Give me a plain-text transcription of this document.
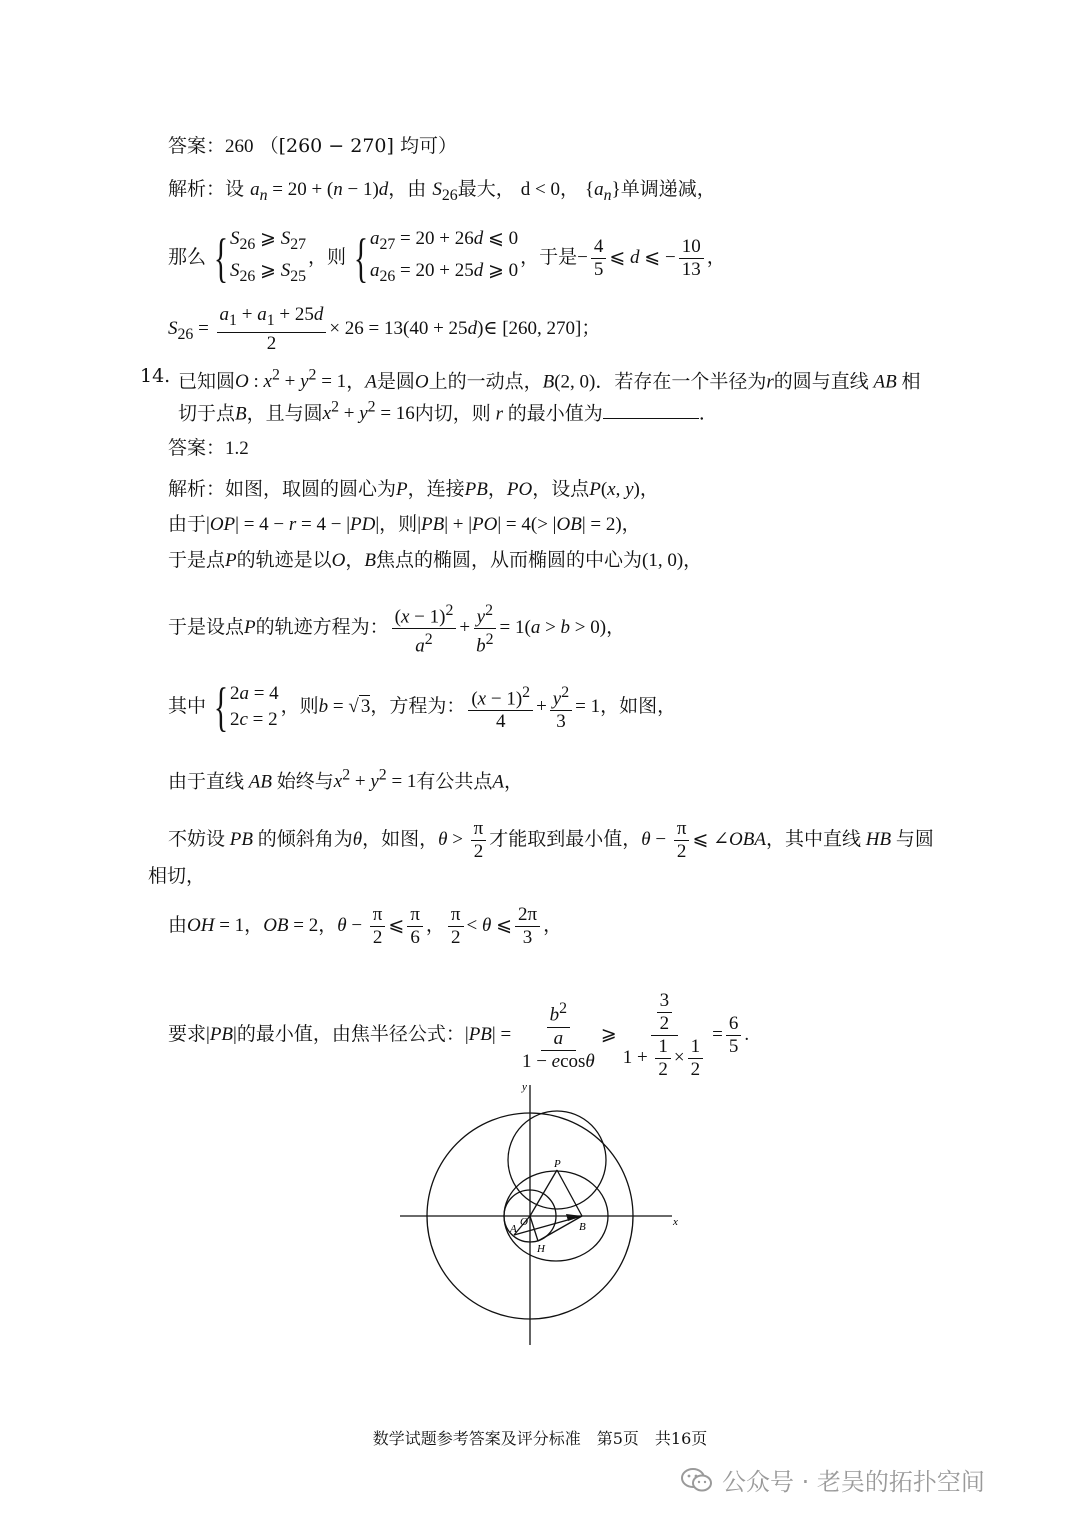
答案：260 （[260 − 270] 均可）
解析：设 $a_n = 20 + (n - 1)d$，由 $S_{26}$最大， d < 0， $\{a_n\}$单调递减，
那么 { $S_{26}$ ⩾ $S_{27}$
$S_{26}$ ⩾ $S_{25}$
，则 { $a_{27} = 20 + 26d$ ⩽ 0
$a_{26} = 20 + 25d$ ⩾ 0
，于是− $\frac{4}{5}$ ⩽ d ⩽ − $\frac{10}{13}$ ，
$S_{26} = \frac{a_1 + a_1 + 25d}{2} \times 26 = 13(40$ + 25d)∈ [260, 270]；
14. 已知圆O : $x^2 + y^2 = 1$，A是圆O上的一动点，B(2, 0)．若存在一个半径为r的圆与直线 AB 相
切于点B，且与圆$x^2 + y^2 = 16$内切，则 r 的最小值为	.
答案：1.2
解析：如图，取圆的圆心为P，连接PB，PO，设点P(x, y)，
由于|OP| = 4 − r = 4 − |PD|，则|PB| + |PO| = 4(> |OB| = 2)，
于是点P的轨迹是以O，B焦点的椭圆，从而椭圆的中心为(1, 0)，
于是设点P的轨迹方程为： $\frac{(x - 1)^2}{a^2} + \frac{y^2}{b^2} = 1(a > b > 0)$，
其中 { 2a = 4
2c = 2
，则b = √ 3，方程为： $\frac{(x - 1)^2}{4} + \frac{y^2}{3} = 1$，如图，
由于直线 AB 始终与$x^2 + y^2 = 1$有公共点A，
不妨设 PB 的倾斜角为θ，如图，$\theta > \frac{\pi}{2}$ 才能取到最小值，$\theta - \frac{\pi}{2}$ ⩽ ∠OBA，其中直线 HB 与圆
相切，
由OH = 1，OB = 2，$\theta - \frac{\pi}{2}$ ⩽ $\frac{\pi}{6}$ ， $\frac{\pi}{2} < \theta$ ⩽ $\frac{2\pi}{3}$ ，
要求|PB|的最小值，由焦半径公式：$|PB| = \frac{\frac{b^2}{a}}{1 - ecos\theta}$ ⩾ $\frac{\frac{3}{2}}{1 + \frac{1}{2} \times \frac{1}{2}} = \frac{6}{5}$ .
x
y
P
O
A	B
H
数学试题参考答案及评分标准　第5页　共16页
公众号 · 老吴的拓扑空间
